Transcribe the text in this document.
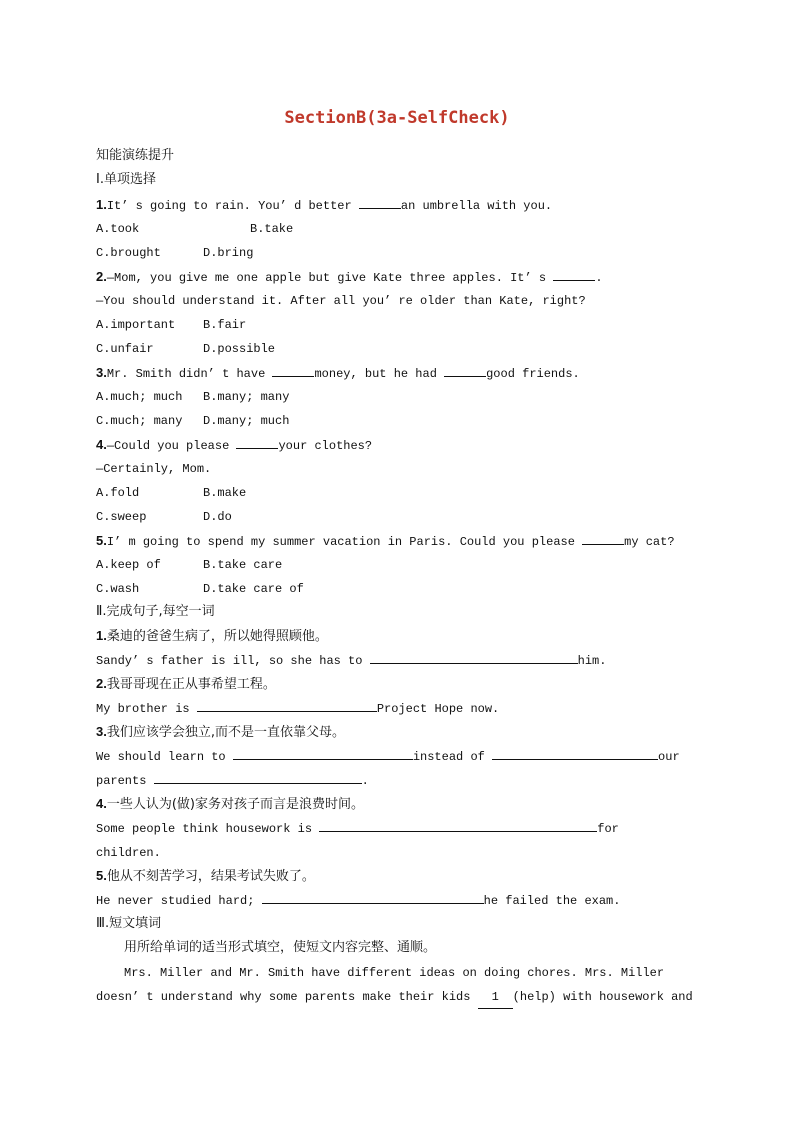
SectionB(3a-SelfCheck)
知能演练提升
Ⅰ.单项选择
1.It’ s going to rain. You’ d better	an umbrella with you.
A.took	B.take
C.brought	D.bring
2.—Mom, you give me one apple but give Kate three apples. It’ s	.
—You should understand it. After all you’ re older than Kate, right?
A.important B.fair
C.unfair	D.possible
3.Mr. Smith didn’ t have	money, but he had	good friends.
A.much; much B.many; many
C.much; many D.many; much
4.—Could you please	your clothes?
—Certainly, Mom.
A.fold	B.make
C.sweep	D.do
5.I’ m going to spend my summer vacation in Paris. Could you please	my cat?
A.keep of	B.take care
C.wash	D.take care of
Ⅱ.完成句子,每空一词
1.桑迪的爸爸生病了，所以她得照顾他。
Sandy’ s father is ill, so she has to	him.
2.我哥哥现在正从事希望工程。
My brother is	Project Hope now.
3.我们应该学会独立,而不是一直依靠父母。
We should learn to	instead of	our
parents	.
4.一些人认为(做)家务对孩子而言是浪费时间。
Some people think housework is	for
children.
5.他从不刻苦学习，结果考试失败了。
He never studied hard;	he failed the exam.
Ⅲ.短文填词
用所给单词的适当形式填空，使短文内容完整、通顺。
Mrs. Miller and Mr. Smith have different ideas on doing chores. Mrs. Miller
doesn’ t understand why some parents make their kids 1 (help) with housework and
